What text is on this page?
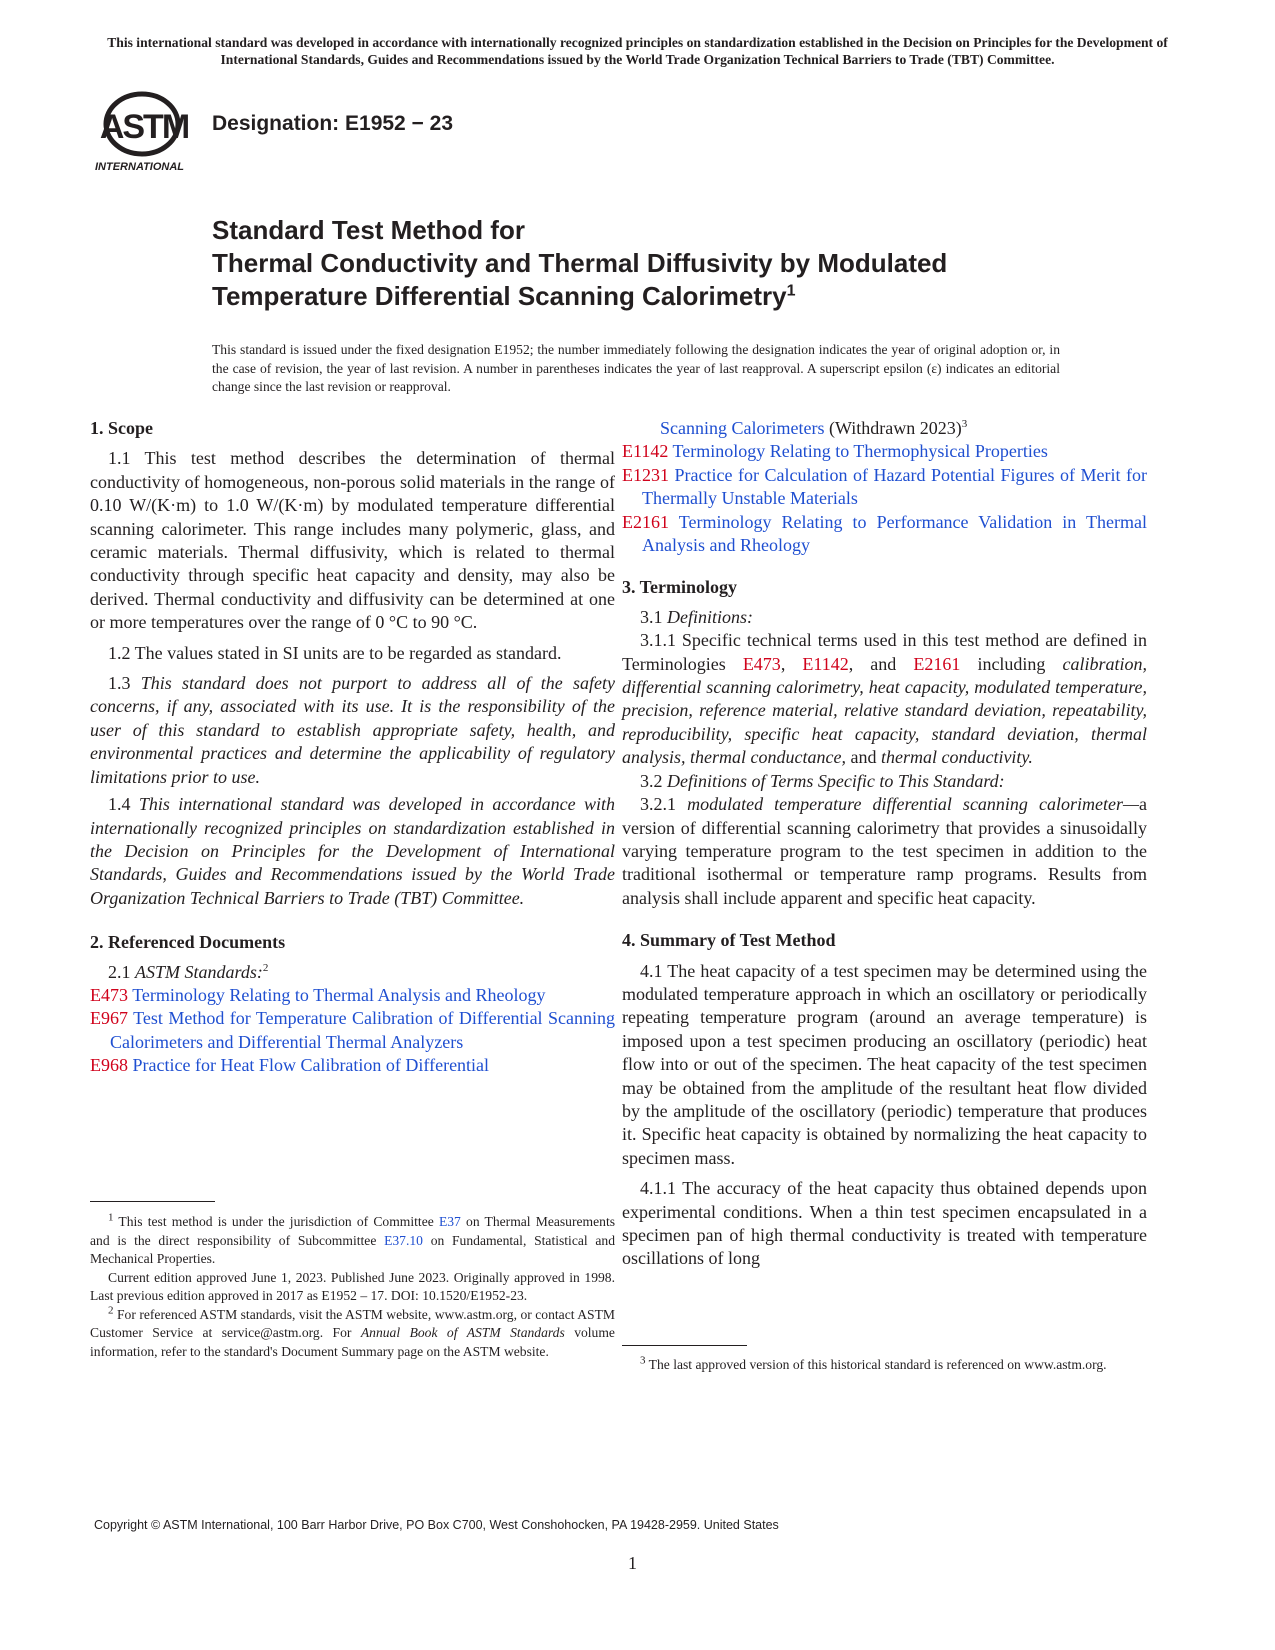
This international standard was developed in accordance with internationally recognized principles on standardization established in the Decision on Principles for the Development of International Standards, Guides and Recommendations issued by the World Trade Organization Technical Barriers to Trade (TBT) Committee.
ASTM
INTERNATIONAL
Designation: E1952 − 23
Standard Test Method for
Thermal Conductivity and Thermal Diffusivity by Modulated
Temperature Differential Scanning Calorimetry$^1$
This standard is issued under the fixed designation E1952; the number immediately following the designation indicates the year of original adoption or, in the case of revision, the year of last revision. A number in parentheses indicates the year of last reapproval. A superscript epsilon (ε) indicates an editorial change since the last revision or reapproval.
1. Scope

1.1 This test method describes the determination of thermal conductivity of homogeneous, non-porous solid materials in the range of 0.10 W/(K·m) to 1.0 W/(K·m) by modulated temperature differential scanning calorimeter. This range includes many polymeric, glass, and ceramic materials. Thermal diffusivity, which is related to thermal conductivity through specific heat capacity and density, may also be derived. Thermal conductivity and diffusivity can be determined at one or more temperatures over the range of 0 °C to 90 °C.

1.2 The values stated in SI units are to be regarded as standard.

1.3 This standard does not purport to address all of the safety concerns, if any, associated with its use. It is the responsibility of the user of this standard to establish appropriate safety, health, and environmental practices and determine the applicability of regulatory limitations prior to use.

1.4 This international standard was developed in accordance with internationally recognized principles on standardization established in the Decision on Principles for the Development of International Standards, Guides and Recommendations issued by the World Trade Organization Technical Barriers to Trade (TBT) Committee.

2. Referenced Documents

2.1 ASTM Standards:$^2$

E473 Terminology Relating to Thermal Analysis and Rheology

E967 Test Method for Temperature Calibration of Differential Scanning Calorimeters and Differential Thermal Analyzers

E968 Practice for Heat Flow Calibration of Differential

$^1$ This test method is under the jurisdiction of Committee E37 on Thermal Measurements and is the direct responsibility of Subcommittee E37.10 on Fundamental, Statistical and Mechanical Properties.

Current edition approved June 1, 2023. Published June 2023. Originally approved in 1998. Last previous edition approved in 2017 as E1952 – 17. DOI: 10.1520/E1952-23.

$^2$ For referenced ASTM standards, visit the ASTM website, www.astm.org, or contact ASTM Customer Service at service@astm.org. For Annual Book of ASTM Standards volume information, refer to the standard's Document Summary page on the ASTM website.

Scanning Calorimeters (Withdrawn 2023)$^3$

E1142 Terminology Relating to Thermophysical Properties

E1231 Practice for Calculation of Hazard Potential Figures of Merit for Thermally Unstable Materials

E2161 Terminology Relating to Performance Validation in Thermal Analysis and Rheology

3. Terminology

3.1 Definitions:

3.1.1 Specific technical terms used in this test method are defined in Terminologies E473, E1142, and E2161 including calibration, differential scanning calorimetry, heat capacity, modulated temperature, precision, reference material, relative standard deviation, repeatability, reproducibility, specific heat capacity, standard deviation, thermal analysis, thermal conductance, and thermal conductivity.

3.2 Definitions of Terms Specific to This Standard:

3.2.1 modulated temperature differential scanning calorimeter—a version of differential scanning calorimetry that provides a sinusoidally varying temperature program to the test specimen in addition to the traditional isothermal or temperature ramp programs. Results from analysis shall include apparent and specific heat capacity.

4. Summary of Test Method

4.1 The heat capacity of a test specimen may be determined using the modulated temperature approach in which an oscillatory or periodically repeating temperature program (around an average temperature) is imposed upon a test specimen producing an oscillatory (periodic) heat flow into or out of the specimen. The heat capacity of the test specimen may be obtained from the amplitude of the resultant heat flow divided by the amplitude of the oscillatory (periodic) temperature that produces it. Specific heat capacity is obtained by normalizing the heat capacity to specimen mass.

4.1.1 The accuracy of the heat capacity thus obtained depends upon experimental conditions. When a thin test specimen encapsulated in a specimen pan of high thermal conductivity is treated with temperature oscillations of long

$^3$ The last approved version of this historical standard is referenced on www.astm.org.

Copyright © ASTM International, 100 Barr Harbor Drive, PO Box C700, West Conshohocken, PA 19428-2959. United States
1
